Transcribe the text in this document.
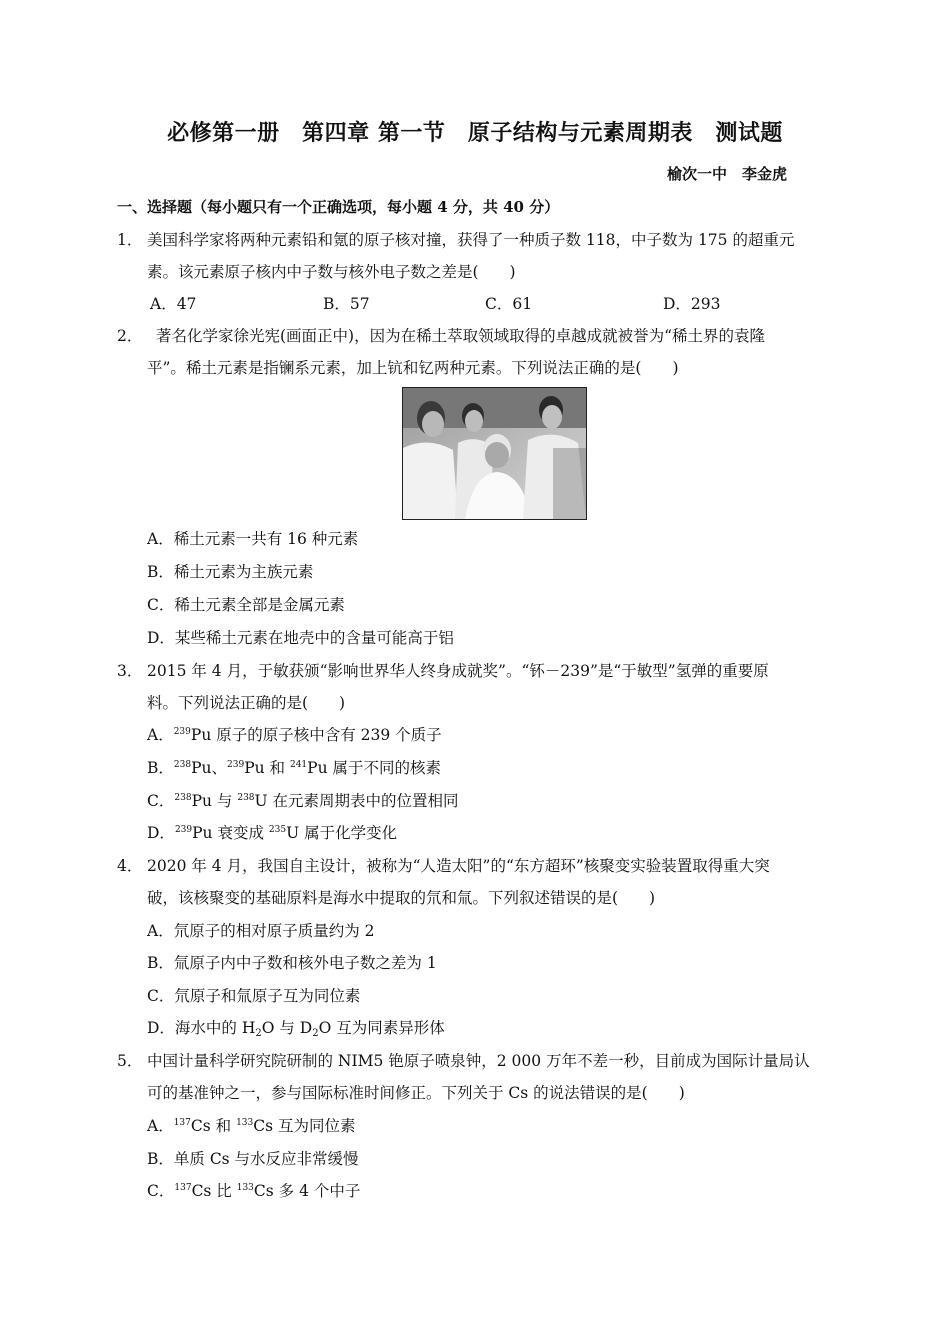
必修第一册　第四章 第一节　原子结构与元素周期表　测试题
榆次一中　李金虎
一、选择题（每小题只有一个正确选项，每小题 4 分，共 40 分）
1． 美国科学家将两种元素铅和氪的原子核对撞，获得了一种质子数 118，中子数为 175 的超重元
素。该元素原子核内中子数与核外电子数之差是(　　)
A．47	B．57	C．61	D．293
2． 著名化学家徐光宪(画面正中)，因为在稀土萃取领域取得的卓越成就被誉为“稀土界的袁隆
平”。稀土元素是指镧系元素，加上钪和钇两种元素。下列说法正确的是(　　)
A．稀土元素一共有 16 种元素
B．稀土元素为主族元素
C．稀土元素全部是金属元素
D．某些稀土元素在地壳中的含量可能高于铝
3． 2015 年 4 月，于敏获颁“影响世界华人终身成就奖”。“钚－239”是“于敏型”氢弹的重要原
料。下列说法正确的是(　　)
A．$^{239}$Pu 原子的原子核中含有 239 个质子
B．$^{238}$Pu、$^{239}$Pu 和 $^{241}$Pu 属于不同的核素
C．$^{238}$Pu 与 $^{238}$U 在元素周期表中的位置相同
D．$^{239}$Pu 衰变成 $^{235}$U 属于化学变化
4． 2020 年 4 月，我国自主设计，被称为“人造太阳”的“东方超环”核聚变实验装置取得重大突
破，该核聚变的基础原料是海水中提取的氘和氚。下列叙述错误的是(　　)
A．氘原子的相对原子质量约为 2
B．氚原子内中子数和核外电子数之差为 1
C．氘原子和氚原子互为同位素
D．海水中的 $H_2O$ 与 $D_2O$ 互为同素异形体
5． 中国计量科学研究院研制的 NIM5 铯原子喷泉钟，2 000 万年不差一秒，目前成为国际计量局认
可的基准钟之一，参与国际标准时间修正。下列关于 Cs 的说法错误的是(　　)
A．$^{137}$Cs 和 $^{133}$Cs 互为同位素
B．单质 Cs 与水反应非常缓慢
C．$^{137}$Cs 比 $^{133}$Cs 多 4 个中子
